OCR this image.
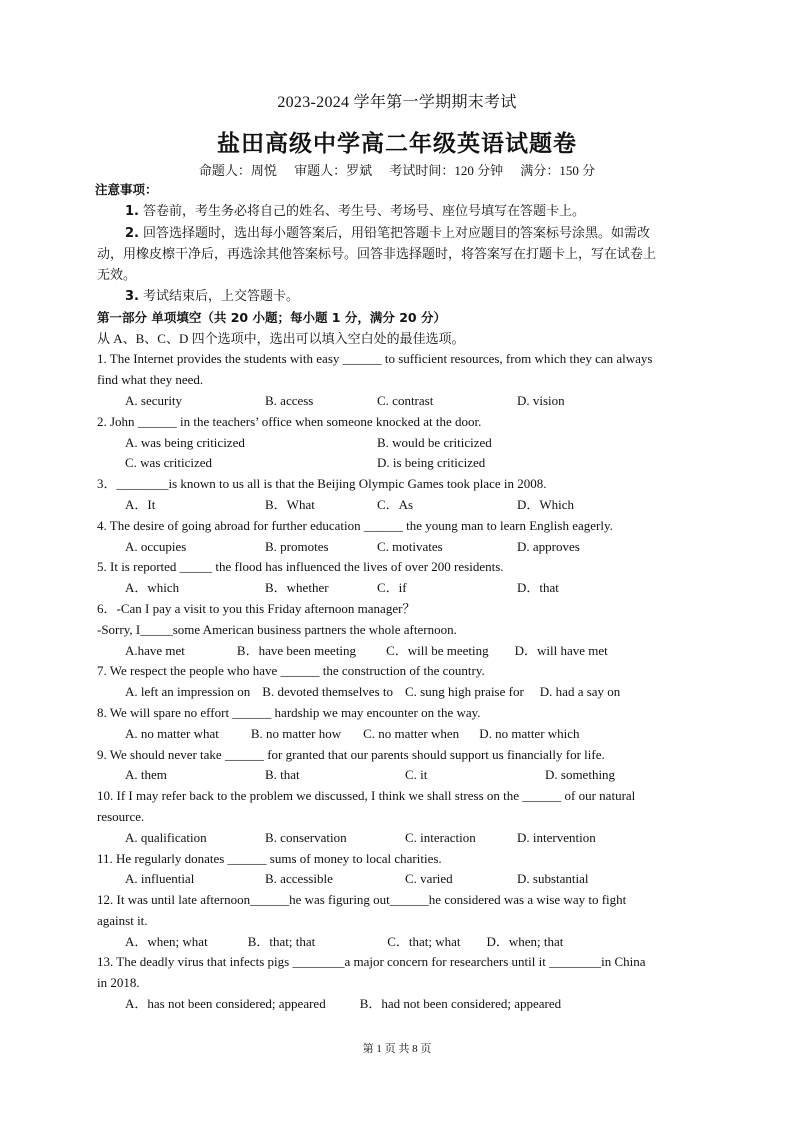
2023-2024 学年第一学期期末考试
盐田高级中学高二年级英语试题卷
命题人：周悦 审题人：罗斌 考试时间：120 分钟 满分：150 分
注意事项：
1. 答卷前，考生务必将自己的姓名、考生号、考场号、座位号填写在答题卡上。
2. 回答选择题时，选出每小题答案后，用铅笔把答题卡上对应题目的答案标号涂黑。如需改
动，用橡皮檫干净后，再选涂其他答案标号。回答非选择题时，将答案写在打题卡上，写在试卷上
无效。
3. 考试结束后，上交答题卡。
第一部分 单项填空（共 20 小题；每小题 1 分，满分 20 分）
从 A、B、C、D 四个选项中，选出可以填入空白处的最佳选项。
1. The Internet provides the students with easy ______ to sufficient resources, from which they can always
find what they need.
A. security	B. access	C. contrast	D. vision
2. John ______ in the teachers’ office when someone knocked at the door.
A. was being criticized	B. would be criticized
C. was criticized	D. is being criticized
3．________is known to us all is that the Beijing Olympic Games took place in 2008.
A．It	B．What	C．As	D．Which
4. The desire of going abroad for further education ______ the young man to learn English eagerly.
A. occupies	B. promotes	C. motivates	D. approves
5. It is reported _____ the flood has influenced the lives of over 200 residents.
A．which	B．whether	C．if	D．that
6．-Can I pay a visit to you this Friday afternoon manager？
-Sorry, I_____some American business partners the whole afternoon.
A.have met	B．have been meeting C．will be meeting D．will have met
7. We respect the people who have ______ the construction of the country.
A. left an impression on B. devoted themselves to C. sung high praise for D. had a say on
8. We will spare no effort ______ hardship we may encounter on the way.
A. no matter what B. no matter how C. no matter when D. no matter which
9. We should never take ______ for granted that our parents should support us financially for life.
A. them	B. that	C. it	D. something
10. If I may refer back to the problem we discussed, I think we shall stress on the ______ of our natural
resource.
A. qualification	B. conservation	C. interaction	D. intervention
11. He regularly donates ______ sums of money to local charities.
A. influential	B. accessible	C. varied	D. substantial
12. It was until late afternoon______he was figuring out______he considered was a wise way to fight
against it.
A．when; what	B．that; that	C．that; what D．when; that
13. The deadly virus that infects pigs ________a major concern for researchers until it ________in China
in 2018.
A．has not been considered; appeared	B．had not been considered; appeared
第 1 页 共 8 页
